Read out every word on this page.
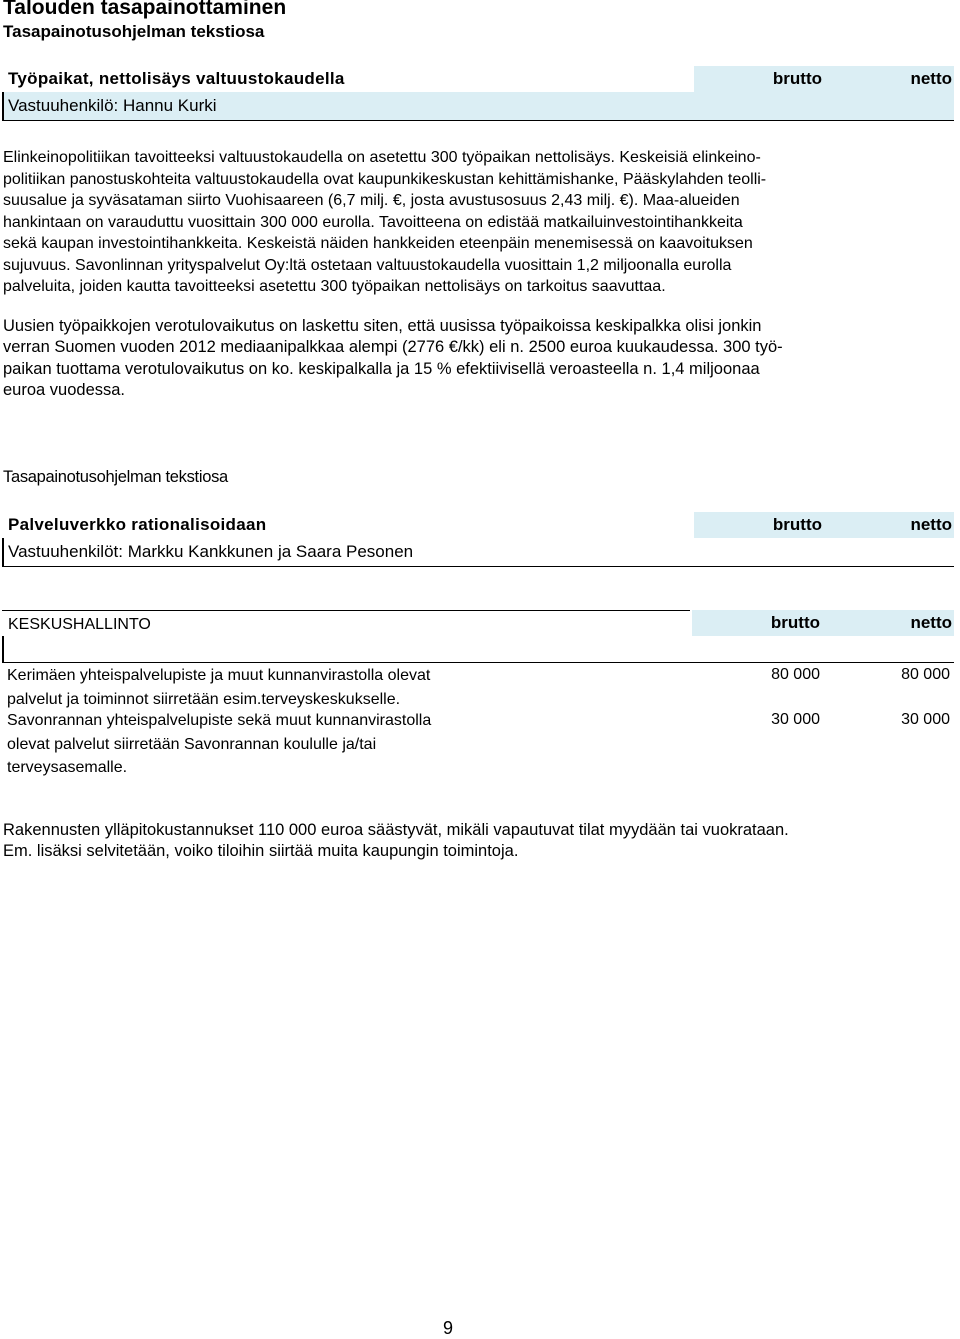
Talouden tasapainottaminen
Tasapainotusohjelman tekstiosa
Työpaikat, nettolisäys valtuustokaudella	brutto	netto
Vastuuhenkilö: Hannu Kurki

Elinkeinopolitiikan tavoitteeksi valtuustokaudella on asetettu 300 työpaikan nettolisäys. Keskeisiä elinkeino-

politiikan panostuskohteita valtuustokaudella ovat kaupunkikeskustan kehittämishanke, Pääskylahden teolli-

suusalue ja syväsataman siirto Vuohisaareen (6,7 milj. €, josta avustusosuus 2,43 milj. €). Maa-alueiden

hankintaan on varauduttu vuosittain 300 000 eurolla. Tavoitteena on edistää matkailuinvestointihankkeita

sekä kaupan investointihankkeita. Keskeistä näiden hankkeiden eteenpäin menemisessä on kaavoituksen

sujuvuus. Savonlinnan yrityspalvelut Oy:ltä ostetaan valtuustokaudella vuosittain 1,2 miljoonalla eurolla

palveluita, joiden kautta tavoitteeksi asetettu 300 työpaikan nettolisäys on tarkoitus saavuttaa.

Uusien työpaikkojen verotulovaikutus on laskettu siten, että uusissa työpaikoissa keskipalkka olisi jonkin

verran Suomen vuoden 2012 mediaanipalkkaa alempi (2776 €/kk) eli n. 2500 euroa kuukaudessa. 300 työ-

paikan tuottama verotulovaikutus on ko. keskipalkalla ja 15 % efektiivisellä veroasteella n. 1,4 miljoonaa

euroa vuodessa.

Tasapainotusohjelman tekstiosa
Palveluverkko rationalisoidaan	brutto	netto
Vastuuhenkilöt: Markku Kankkunen ja Saara Pesonen
KESKUSHALLINTO	brutto	netto

Kerimäen yhteispalvelupiste ja muut kunnanvirastolla olevat

palvelut ja toiminnot siirretään esim.terveyskeskukselle.

80 000	80 000

Savonrannan yhteispalvelupiste sekä muut kunnanvirastolla

olevat palvelut siirretään Savonrannan koululle ja/tai

terveysasemalle.

30 000	30 000

Rakennusten ylläpitokustannukset 110 000 euroa säästyvät, mikäli vapautuvat tilat myydään tai vuokrataan.

Em. lisäksi selvitetään, voiko tiloihin siirtää muita kaupungin toimintoja.

9
